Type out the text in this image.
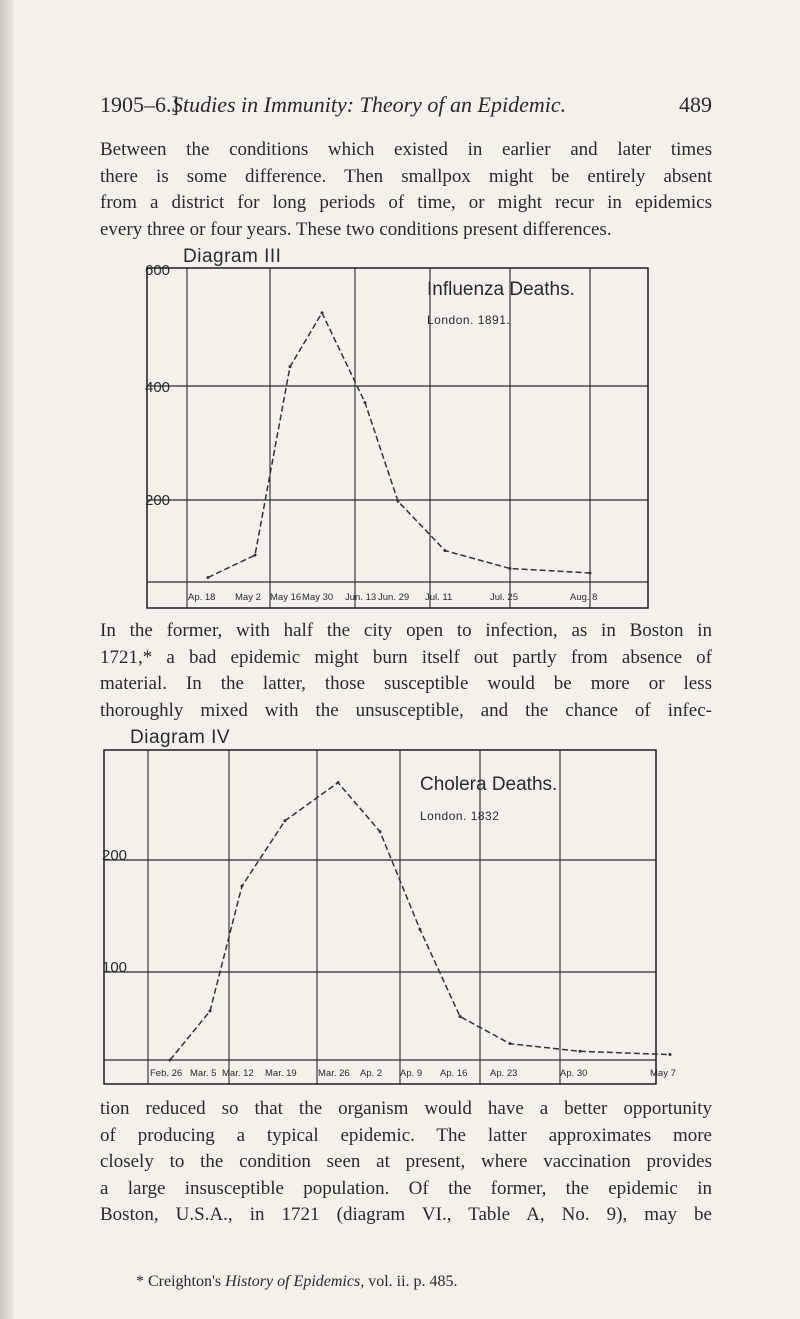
1905–6.]
Studies in Immunity: Theory of an Epidemic.	489
Between the conditions which existed in earlier and later times
there is some difference. Then smallpox might be entirely absent
from a district for long periods of time, or might recur in epidemics
every three or four years. These two conditions present differences.
Diagram III
In the former, with half the city open to infection, as in Boston in
1721,* a bad epidemic might burn itself out partly from absence of
material. In the latter, those susceptible would be more or less
thoroughly mixed with the unsusceptible, and the chance of infec-
Diagram IV
tion reduced so that the organism would have a better opportunity
of producing a typical epidemic. The latter approximates more
closely to the condition seen at present, where vaccination provides
a large insusceptible population. Of the former, the epidemic in
Boston, U.S.A., in 1721 (diagram VI., Table A, No. 9), may be
* Creighton's History of Epidemics, vol. ii. p. 485.
600
400
200
Influenza Deaths.
London. 1891.
Ap. 18 May 2 May 16 May 30 Jun. 13 Jun. 29 Jul. 11	Jul. 25	Aug. 8
200
100
Cholera Deaths.
London. 1832
Feb. 26 Mar. 5 Mar. 12 Mar. 19 Mar. 26 Ap. 2 Ap. 9 Ap. 16 Ap. 23	Ap. 30	May 7
